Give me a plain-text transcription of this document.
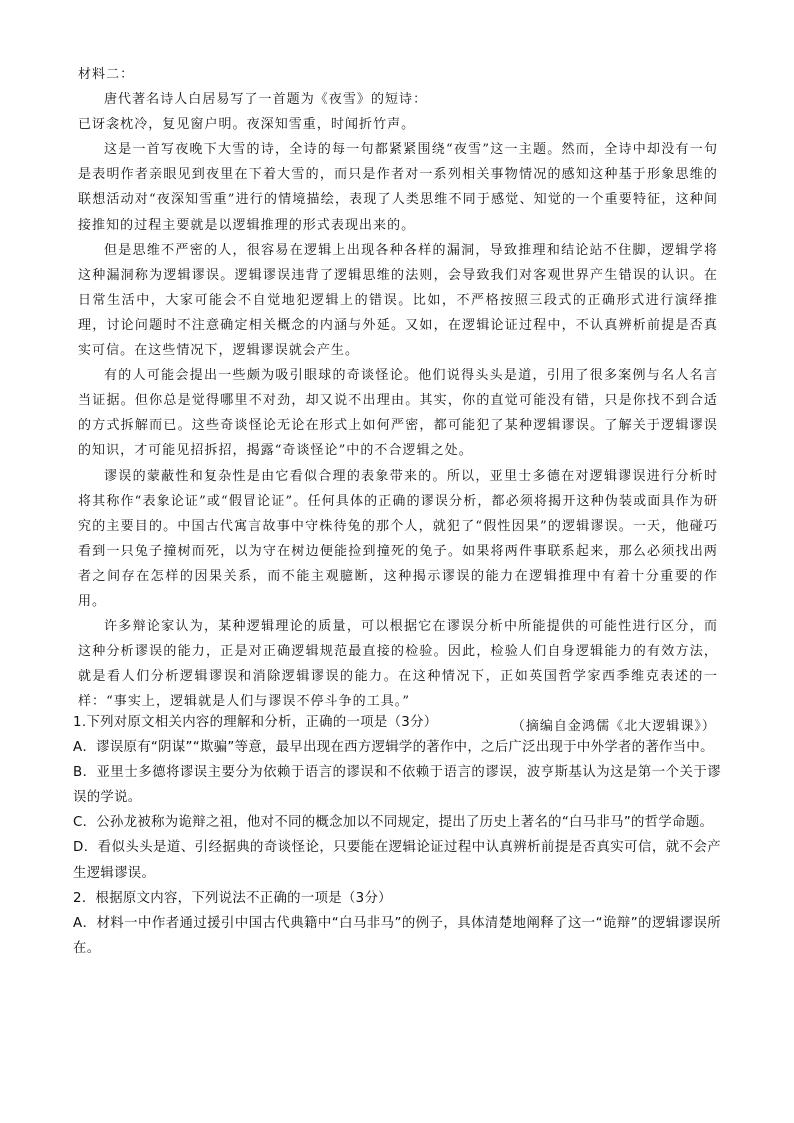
材料二：

唐代著名诗人白居易写了一首题为《夜雪》的短诗：

已讶衾枕冷，复见窗户明。夜深知雪重，时闻折竹声。

这是一首写夜晚下大雪的诗，全诗的每一句都紧紧围绕“夜雪”这一主题。然而，全诗中却没有一句是表明作者亲眼见到夜里在下着大雪的，而只是作者对一系列相关事物情况的感知这种基于形象思维的联想活动对“夜深知雪重”进行的情境描绘，表现了人类思维不同于感觉、知觉的一个重要特征，这种间接推知的过程主要就是以逻辑推理的形式表现出来的。

但是思维不严密的人，很容易在逻辑上出现各种各样的漏洞，导致推理和结论站不住脚，逻辑学将这种漏洞称为逻辑谬误。逻辑谬误违背了逻辑思维的法则，会导致我们对客观世界产生错误的认识。在日常生活中，大家可能会不自觉地犯逻辑上的错误。比如，不严格按照三段式的正确形式进行演绎推理，讨论问题时不注意确定相关概念的内涵与外延。又如，在逻辑论证过程中，不认真辨析前提是否真实可信。在这些情况下，逻辑谬误就会产生。

有的人可能会提出一些颇为吸引眼球的奇谈怪论。他们说得头头是道，引用了很多案例与名人名言当证据。但你总是觉得哪里不对劲，却又说不出理由。其实，你的直觉可能没有错，只是你找不到合适的方式拆解而已。这些奇谈怪论无论在形式上如何严密，都可能犯了某种逻辑谬误。了解关于逻辑谬误的知识，才可能见招拆招，揭露“奇谈怪论”中的不合逻辑之处。

谬误的蒙蔽性和复杂性是由它看似合理的表象带来的。所以，亚里士多德在对逻辑谬误进行分析时将其称作“表象论证”或“假冒论证”。任何具体的正确的谬误分析，都必须将揭开这种伪装或面具作为研究的主要目的。中国古代寓言故事中守株待兔的那个人，就犯了“假性因果”的逻辑谬误。一天，他碰巧看到一只兔子撞树而死，以为守在树边便能捡到撞死的兔子。如果将两件事联系起来，那么必须找出两者之间存在怎样的因果关系，而不能主观臆断，这种揭示谬误的能力在逻辑推理中有着十分重要的作用。

许多辩论家认为，某种逻辑理论的质量，可以根据它在谬误分析中所能提供的可能性进行区分，而这种分析谬误的能力，正是对正确逻辑规范最直接的检验。因此，检验人们自身逻辑能力的有效方法，就是看人们分析逻辑谬误和消除逻辑谬误的能力。在这种情况下，正如英国哲学家西季维克表述的一样：“事实上，逻辑就是人们与谬误不停斗争的工具。”

（摘编自金鸿儒《北大逻辑课》）

1.下列对原文相关内容的理解和分析，正确的一项是（3分）

A．谬误原有“阴谋”“欺骗”等意，最早出现在西方逻辑学的著作中，之后广泛出现于中外学者的著作当中。

B．亚里士多德将谬误主要分为依赖于语言的谬误和不依赖于语言的谬误，波亨斯基认为这是第一个关于谬误的学说。

C．公孙龙被称为诡辩之祖，他对不同的概念加以不同规定，提出了历史上著名的“白马非马”的哲学命题。

D．看似头头是道、引经据典的奇谈怪论，只要能在逻辑论证过程中认真辨析前提是否真实可信，就不会产生逻辑谬误。

2．根据原文内容，下列说法不正确的一项是（3分）

A．材料一中作者通过援引中国古代典籍中“白马非马”的例子，具体清楚地阐释了这一“诡辩”的逻辑谬误所在。
